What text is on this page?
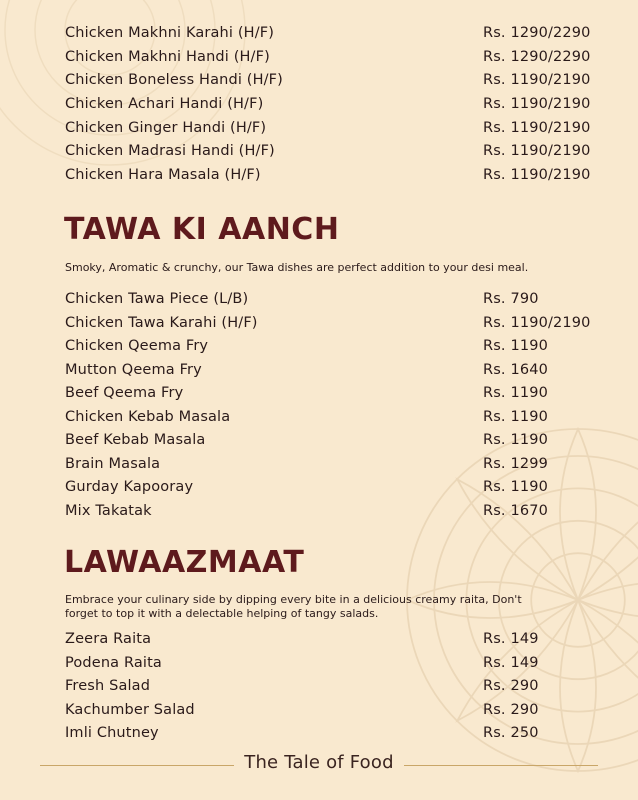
Chicken Makhni Karahi (H/F)	Rs. 1290/2290
Chicken Makhni Handi (H/F)	Rs. 1290/2290
Chicken Boneless Handi (H/F)	Rs. 1190/2190
Chicken Achari Handi (H/F)	Rs. 1190/2190
Chicken Ginger Handi (H/F)	Rs. 1190/2190
Chicken Madrasi Handi (H/F)	Rs. 1190/2190
Chicken Hara Masala (H/F)	Rs. 1190/2190
TAWA KI AANCH
Smoky, Aromatic & crunchy, our Tawa dishes are perfect addition to your desi meal.
Chicken Tawa Piece (L/B)	Rs. 790
Chicken Tawa Karahi (H/F)	Rs. 1190/2190
Chicken Qeema Fry	Rs. 1190
Mutton Qeema Fry	Rs. 1640
Beef Qeema Fry	Rs. 1190
Chicken Kebab Masala	Rs. 1190
Beef Kebab Masala	Rs. 1190
Brain Masala	Rs. 1299
Gurday Kapooray	Rs. 1190
Mix Takatak	Rs. 1670
LAWAAZMAAT
Embrace your culinary side by dipping every bite in a delicious creamy raita, Don't
forget to top it with a delectable helping of tangy salads.
Zeera Raita	Rs. 149
Podena Raita	Rs. 149
Fresh Salad	Rs. 290
Kachumber Salad	Rs. 290
Imli Chutney	Rs. 250
The Tale of Food
